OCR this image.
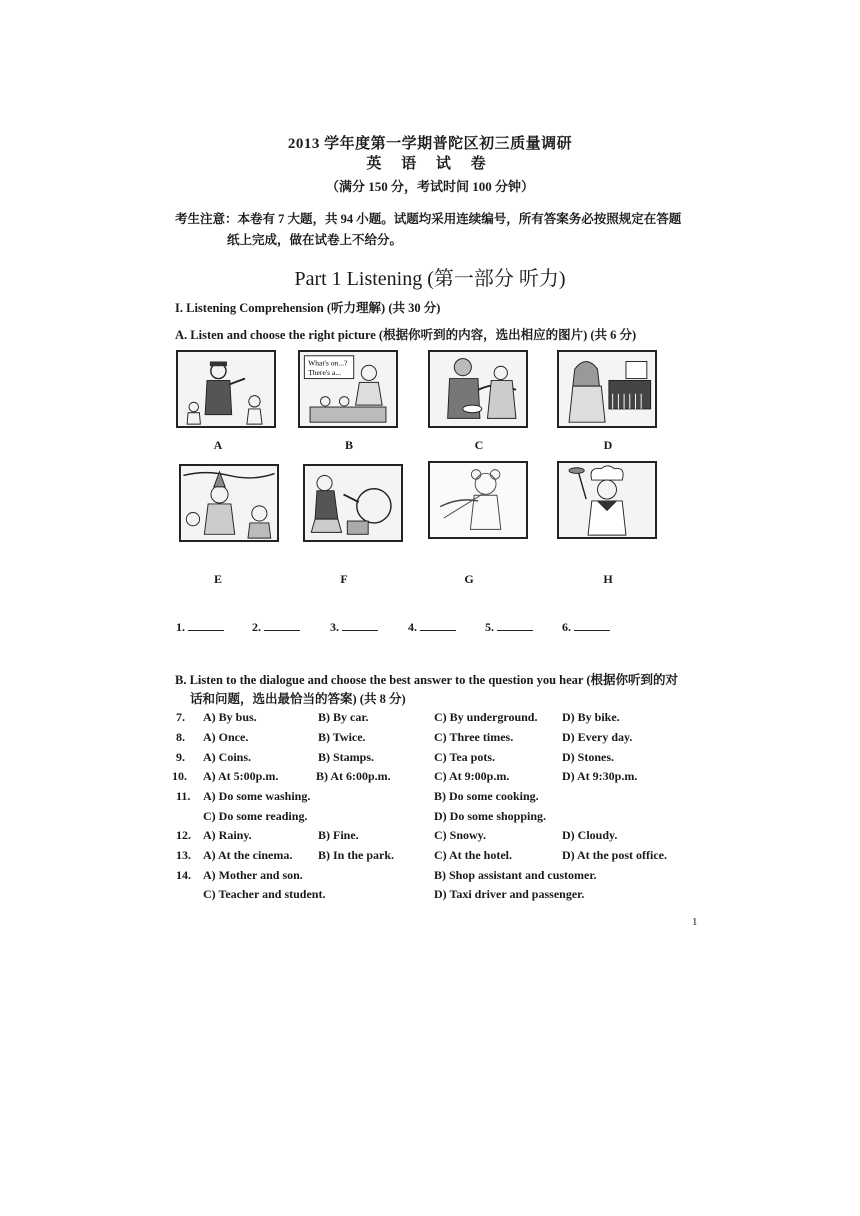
2013 学年度第一学期普陀区初三质量调研
英 语 试 卷
（满分 150 分，考试时间 100 分钟）
考生注意：本卷有 7 大题，共 94 小题。试题均采用连续编号，所有答案务必按照规定在答题
纸上完成，做在试卷上不给分。
Part 1 Listening (第一部分 听力)
I. Listening Comprehension (听力理解) (共 30 分)
A. Listen and choose the right picture (根据你听到的内容，选出相应的图片) (共 6 分)
What's on...?
There's a...
A	B	C	D
E	F	G	H
1.	2.	3.	4.	5.	6.
B. Listen to the dialogue and choose the best answer to the question you hear (根据你听到的对
话和问题，选出最恰当的答案) (共 8 分)
7. A) By bus.	B) By car.	C) By underground. D) By bike.
8. A) Once.	B) Twice.	C) Three times.	D) Every day.
9. A) Coins.	B) Stamps.	C) Tea pots.	D) Stones.
10. A) At 5:00p.m.	B) At 6:00p.m.	C) At 9:00p.m.	D) At 9:30p.m.
11. A) Do some washing.	B) Do some cooking.
C) Do some reading.	D) Do some shopping.
12. A) Rainy.	B) Fine.	C) Snowy.	D) Cloudy.
13. A) At the cinema. B) In the park.	C) At the hotel.	D) At the post office.
14. A) Mother and son.	B) Shop assistant and customer.
C) Teacher and student.	D) Taxi driver and passenger.
1
